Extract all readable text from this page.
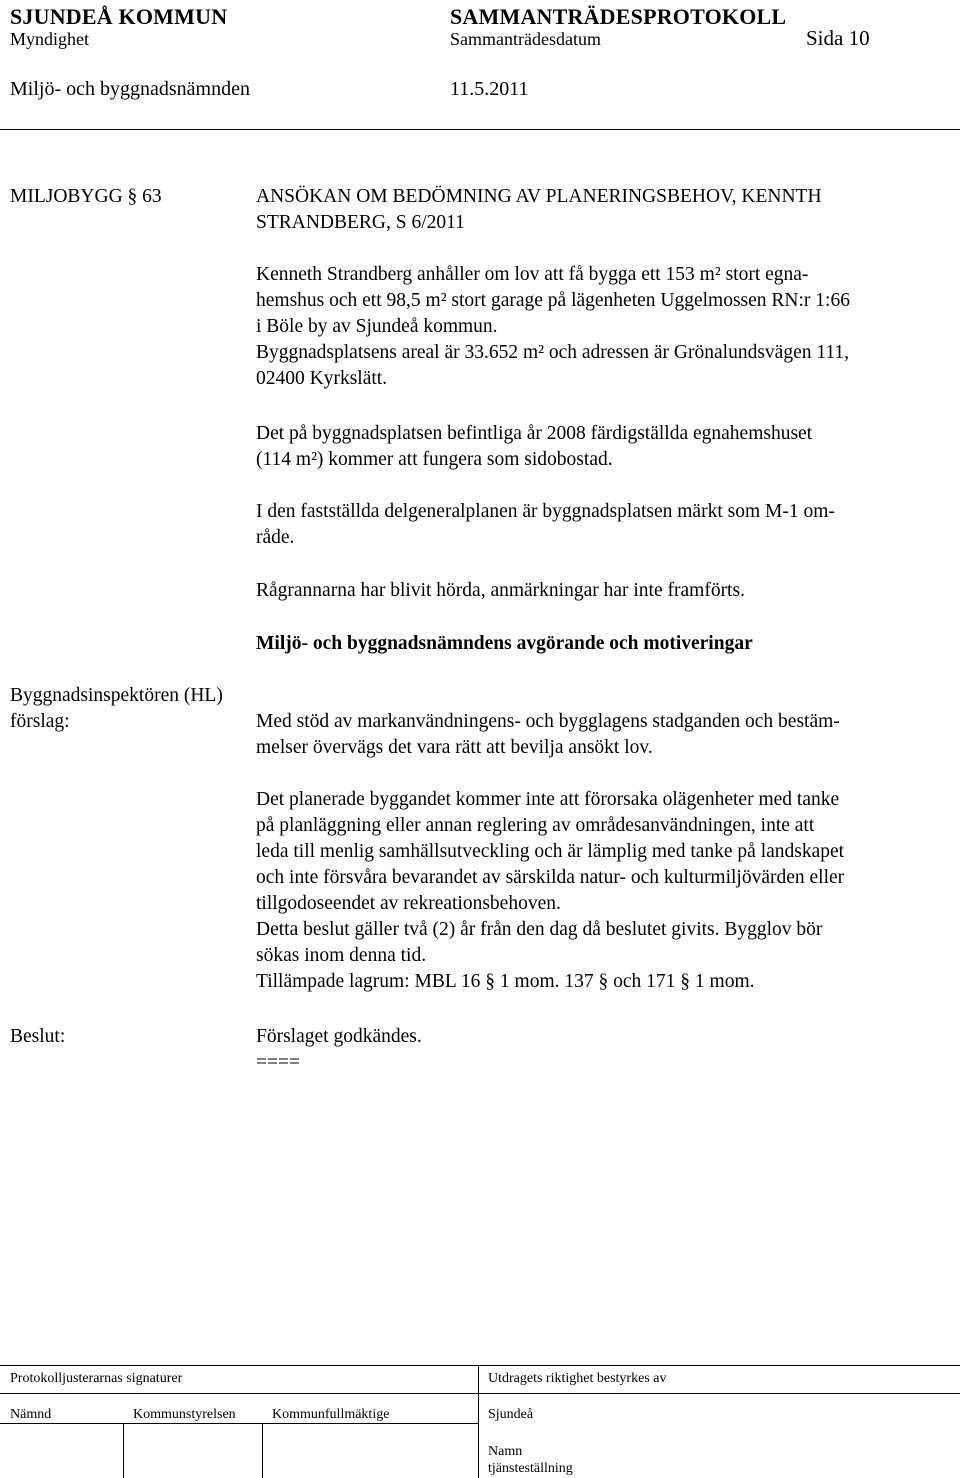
SJUNDEÅ KOMMUN	SAMMANTRÄDESPROTOKOLL
Myndighet	Sammanträdesdatum	Sida 10
Miljö- och byggnadsnämnden	11.5.2011
MILJOBYGG § 63	ANSÖKAN OM BEDÖMNING AV PLANERINGSBEHOV, KENNTH
STRANDBERG, S 6/2011
Kenneth Strandberg anhåller om lov att få bygga ett 153 m² stort egna-
hemshus och ett 98,5 m² stort garage på lägenheten Uggelmossen RN:r 1:66
i Böle by av Sjundeå kommun.
Byggnadsplatsens areal är 33.652 m² och adressen är Grönalundsvägen 111,
02400 Kyrkslätt.
Det på byggnadsplatsen befintliga år 2008 färdigställda egnahemshuset
(114 m²) kommer att fungera som sidobostad.
I den fastställda delgeneralplanen är byggnadsplatsen märkt som M-1 om-
råde.
Rågrannarna har blivit hörda, anmärkningar har inte framförts.
Miljö- och byggnadsnämndens avgörande och motiveringar
Byggnadsinspektören (HL)
förslag:	Med stöd av markanvändningens- och bygglagens stadganden och bestäm-
melser övervägs det vara rätt att bevilja ansökt lov.
Det planerade byggandet kommer inte att förorsaka olägenheter med tanke
på planläggning eller annan reglering av områdesanvändningen, inte att
leda till menlig samhällsutveckling och är lämplig med tanke på landskapet
och inte försvåra bevarandet av särskilda natur- och kulturmiljövärden eller
tillgodoseendet av rekreationsbehoven.
Detta beslut gäller två (2) år från den dag då beslutet givits. Bygglov bör
sökas inom denna tid.
Tillämpade lagrum: MBL 16 § 1 mom. 137 § och 171 § 1 mom.
Beslut:	Förslaget godkändes.
====
Protokolljusterarnas signaturer	Utdragets riktighet bestyrkes av
Nämnd	Kommunstyrelsen	Kommunfullmäktige	Sjundeå
Namn
tjänsteställning
